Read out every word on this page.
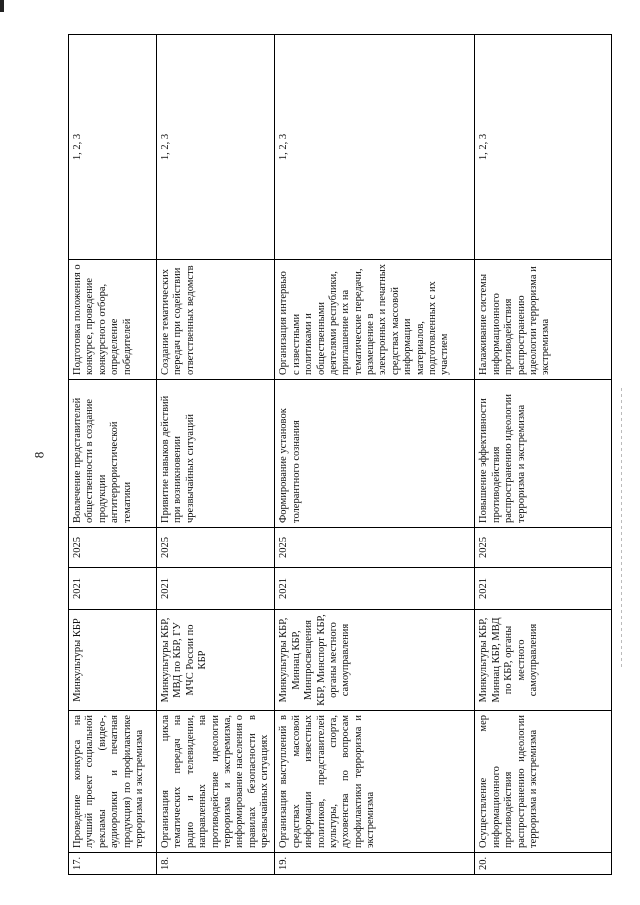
8
17.	Проведение конкурса на лучший проект социальной рекламы (видео-, аудиоролики и печатная продукция) по профилактике терроризма и экстремизма	Минкультуры КБР	2021	2025	Вовлечение представителей общественности в создание продукции антитеррористической тематики	Подготовка положения о конкурсе, проведение конкурсного отбора, определение победителей	1, 2, 3
18.	Организация цикла тематических передач на радио и телевидении, направленных на противодействие идеологии терроризма и экстремизма, информирование населения о правилах безопасности в чрезвычайных ситуациях	Минкультуры КБР, МВД по КБР, ГУ МЧС России по КБР	2021	2025	Привитие навыков действий при возникновении чрезвычайных ситуаций	Создание тематических передач при содействии ответственных ведомств	1, 2, 3
19.	Организация выступлений в средствах массовой информации известных политиков, представителей культуры, спорта, духовенства по вопросам профилактики терроризма и экстремизма	Минкультуры КБР, Миннац КБР, Минпросвещения КБР, Минспорт КБР, органы местного самоуправления	2021	2025	Формирование установок толерантного сознания	Организация интервью с известными политиками и общественными деятелями республики, приглашение их на тематические передачи, размещение в электронных и печатных средствах массовой информации материалов, подготовленных с их участием	1, 2, 3
20.	Осуществление мер информационного противодействия распространению идеологии терроризма и экстремизма	Минкультуры КБР, Миннац КБР, МВД по КБР, органы местного самоуправления	2021	2025	Повышение эффективности противодействия распространению идеологии терроризма и экстремизма	Налаживание системы информационного противодействия распространению идеологии терроризма и экстремизма	1, 2, 3
